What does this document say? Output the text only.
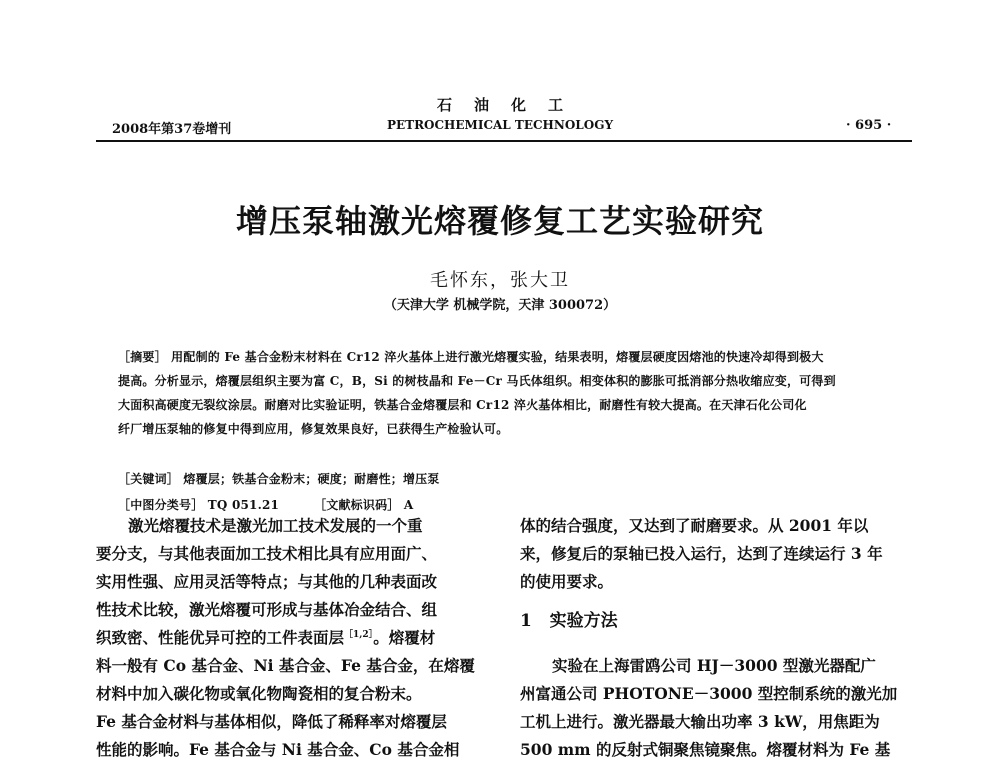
石油化工
2008年第37卷增刊	PETROCHEMICAL TECHNOLOGY	· 695 ·
增压泵轴激光熔覆修复工艺实验研究
毛怀东，张大卫
（天津大学 机械学院，天津 300072）
［摘要］ 用配制的 Fe 基合金粉末材料在 Cr12 淬火基体上进行激光熔覆实验，结果表明，熔覆层硬度因熔池的快速冷却得到极大
提高。分析显示，熔覆层组织主要为富 C，B，Si 的树枝晶和 Fe－Cr 马氏体组织。相变体积的膨胀可抵消部分热收缩应变，可得到
大面积高硬度无裂纹涂层。耐磨对比实验证明，铁基合金熔覆层和 Cr12 淬火基体相比，耐磨性有较大提高。在天津石化公司化
纤厂增压泵轴的修复中得到应用，修复效果良好，已获得生产检验认可。
［关键词］ 熔覆层；铁基合金粉末；硬度；耐磨性；增压泵
［中图分类号］ TQ 051.21        ［文献标识码］ A
激光熔覆技术是激光加工技术发展的一个重
要分支，与其他表面加工技术相比具有应用面广、
实用性强、应用灵活等特点；与其他的几种表面改
性技术比较，激光熔覆可形成与基体冶金结合、组
织致密、性能优异可控的工件表面层$^{[1,2]}$。熔覆材
料一般有 Co 基合金、Ni 基合金、Fe 基合金，在熔覆
材料中加入碳化物或氧化物陶瓷相的复合粉末。
Fe 基合金材料与基体相似，降低了稀释率对熔覆层
性能的影响。Fe 基合金与 Ni 基合金、Co 基合金相
体的结合强度，又达到了耐磨要求。从 2001 年以
来，修复后的泵轴已投入运行，达到了连续运行 3 年
的使用要求。
1   实验方法
实验在上海雷鸥公司 HJ－3000 型激光器配广
州富通公司 PHOTONE－3000 型控制系统的激光加
工机上进行。激光器最大输出功率 3 kW，用焦距为
500 mm 的反射式铜聚焦镜聚焦。熔覆材料为 Fe 基
